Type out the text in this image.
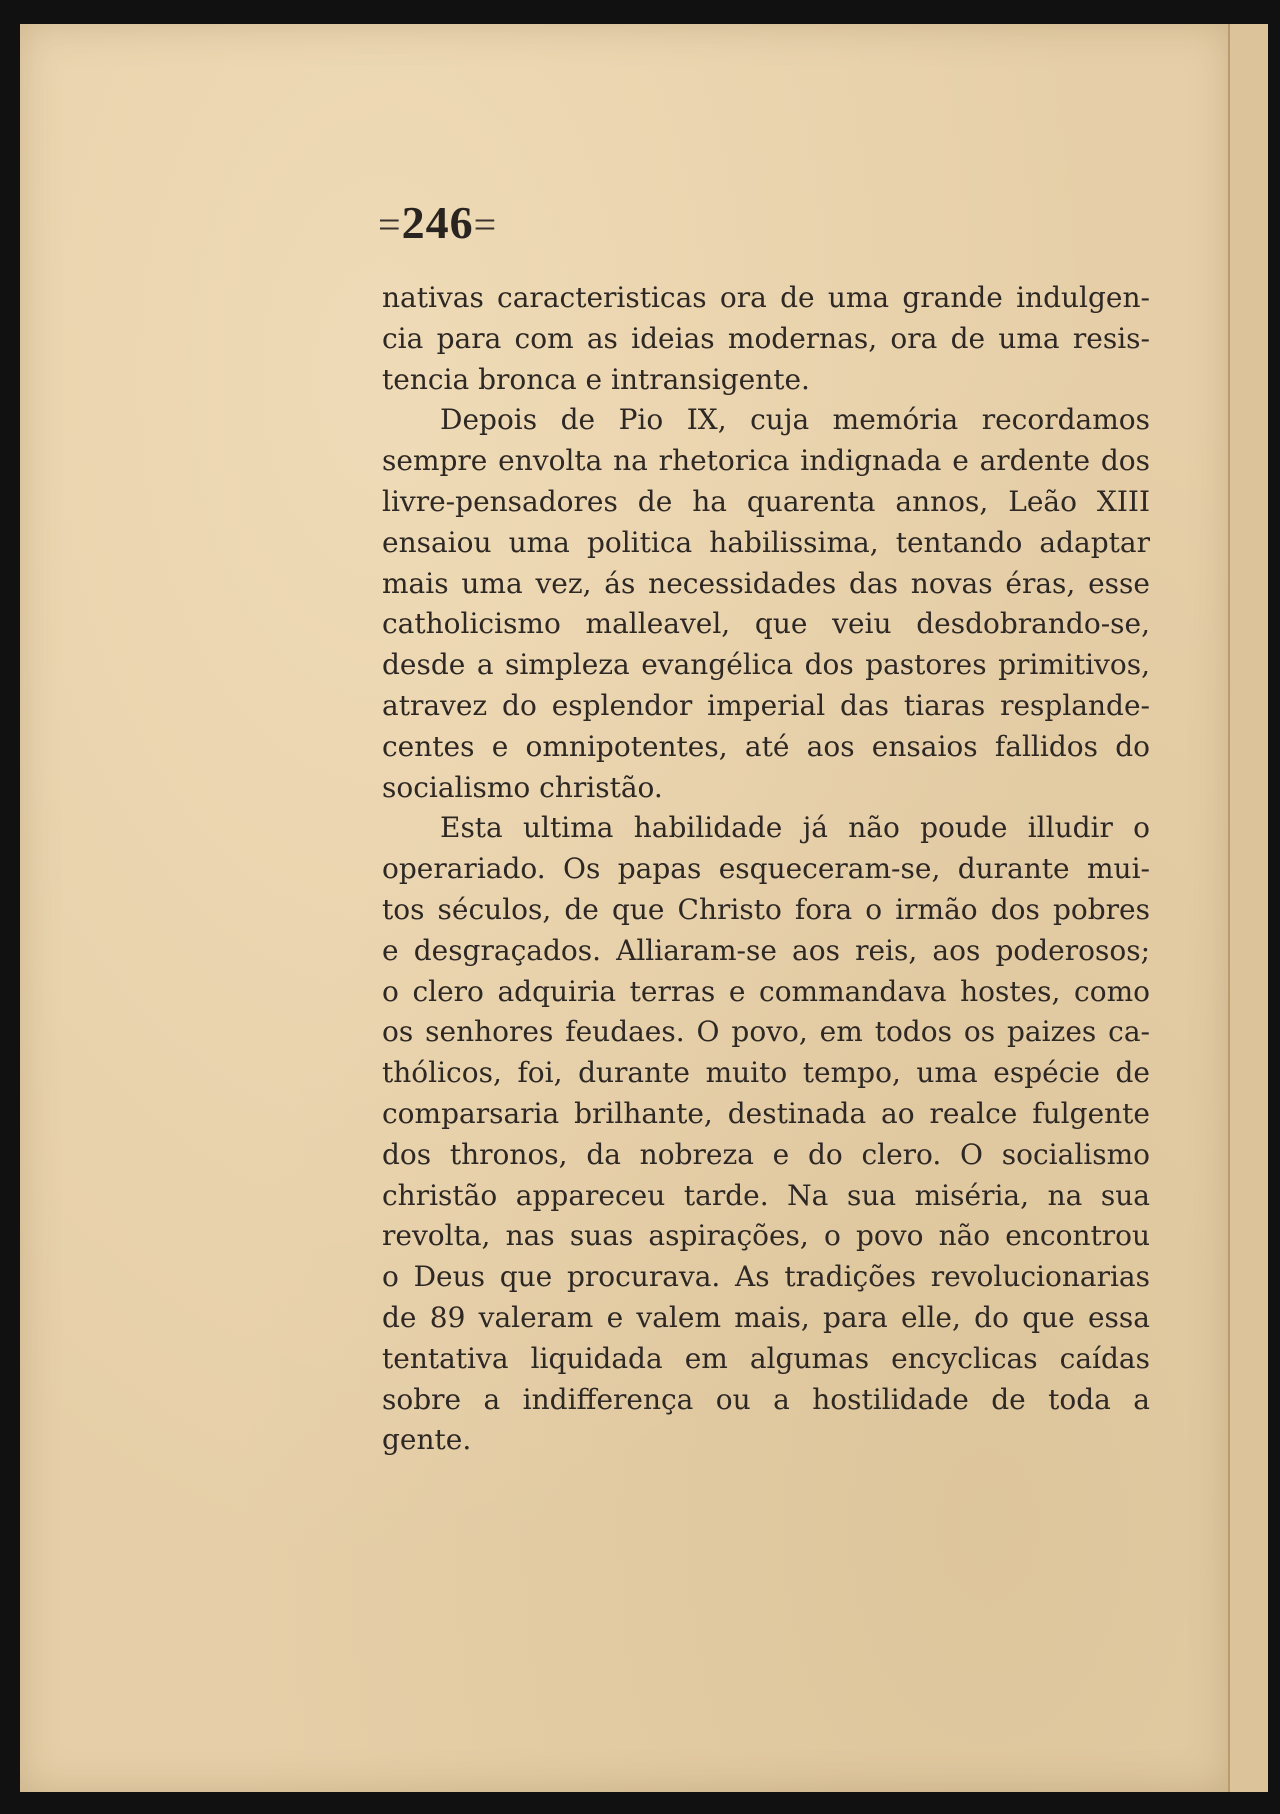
=246=
nativas caracteristicas ora de uma grande indulgen-
cia para com as ideias modernas, ora de uma resis-
tencia bronca e intransigente.
Depois de Pio IX, cuja memória recordamos
sempre envolta na rhetorica indignada e ardente dos
livre-pensadores de ha quarenta annos, Leão XIII
ensaiou uma politica habilissima, tentando adaptar
mais uma vez, ás necessidades das novas éras, esse
catholicismo malleavel, que veiu desdobrando-se,
desde a simpleza evangélica dos pastores primitivos,
atravez do esplendor imperial das tiaras resplande-
centes e omnipotentes, até aos ensaios fallidos do
socialismo christão.
Esta ultima habilidade já não poude illudir o
operariado. Os papas esqueceram-se, durante mui-
tos séculos, de que Christo fora o irmão dos pobres
e desgraçados. Alliaram-se aos reis, aos poderosos;
o clero adquiria terras e commandava hostes, como
os senhores feudaes. O povo, em todos os paizes ca-
thólicos, foi, durante muito tempo, uma espécie de
comparsaria brilhante, destinada ao realce fulgente
dos thronos, da nobreza e do clero. O socialismo
christão appareceu tarde. Na sua miséria, na sua
revolta, nas suas aspirações, o povo não encontrou
o Deus que procurava. As tradições revolucionarias
de 89 valeram e valem mais, para elle, do que essa
tentativa liquidada em algumas encyclicas caídas
sobre a indifferença ou a hostilidade de toda a
gente.
